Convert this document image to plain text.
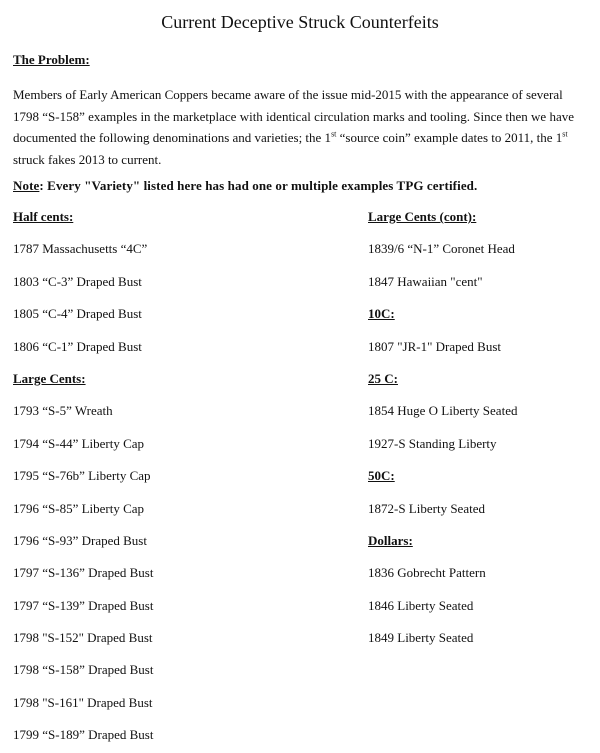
Current Deceptive Struck Counterfeits
The Problem:
Members of Early American Coppers became aware of the issue mid-2015 with the appearance of several 1798 “S-158” examples in the marketplace with identical circulation marks and tooling. Since then we have documented the following denominations and varieties; the 1st “source coin” example dates to 2011, the 1st struck fakes 2013 to current.
Note: Every "Variety" listed here has had one or multiple examples TPG certified.
Half cents:
1787 Massachusetts “4C”
1803 “C-3” Draped Bust
1805 “C-4” Draped Bust
1806 “C-1” Draped Bust
Large Cents:
1793 “S-5” Wreath
1794 “S-44” Liberty Cap
1795 “S-76b” Liberty Cap
1796 “S-85” Liberty Cap
1796 “S-93” Draped Bust
1797 “S-136” Draped Bust
1797 “S-139” Draped Bust
1798 "S-152" Draped Bust
1798 “S-158” Draped Bust
1798 "S-161" Draped Bust
1799 “S-189” Draped Bust
Large Cents (cont):
1839/6 “N-1” Coronet Head
1847 Hawaiian "cent"
10C:
1807 "JR-1" Draped Bust
25 C:
1854 Huge O Liberty Seated
1927-S Standing Liberty
50C:
1872-S Liberty Seated
Dollars:
1836 Gobrecht Pattern
1846 Liberty Seated
1849 Liberty Seated
